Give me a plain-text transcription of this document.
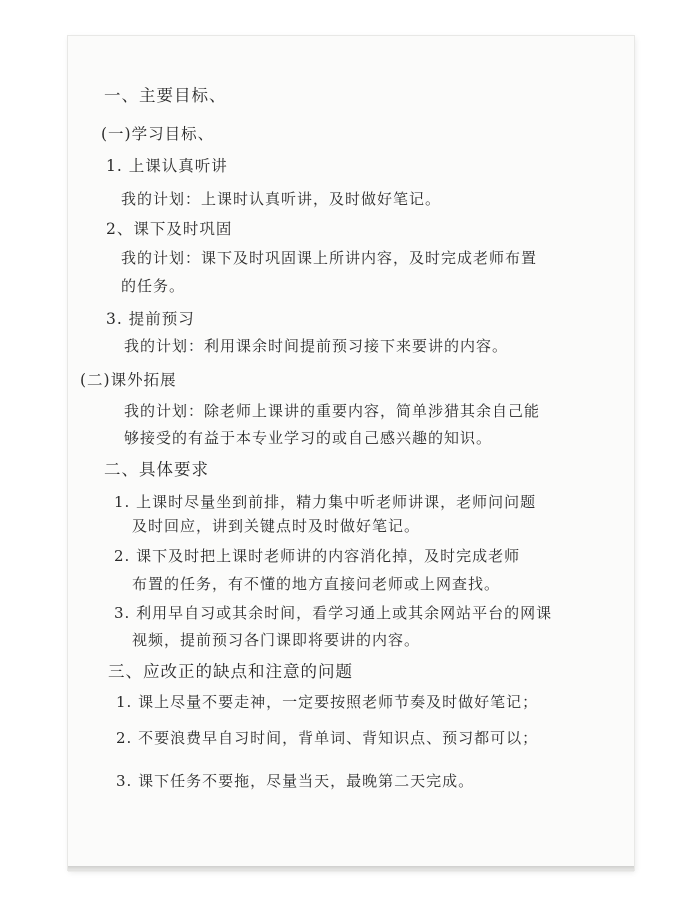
一、主要目标、
(一)学习目标、
1. 上课认真听讲
我的计划：上课时认真听讲，及时做好笔记。
2、课下及时巩固
我的计划：课下及时巩固课上所讲内容，及时完成老师布置
的任务。
3. 提前预习
我的计划：利用课余时间提前预习接下来要讲的内容。
(二)课外拓展
我的计划：除老师上课讲的重要内容，简单涉猎其余自己能
够接受的有益于本专业学习的或自己感兴趣的知识。
二、具体要求
1. 上课时尽量坐到前排，精力集中听老师讲课，老师问问题
及时回应，讲到关键点时及时做好笔记。
2. 课下及时把上课时老师讲的内容消化掉，及时完成老师
布置的任务，有不懂的地方直接问老师或上网查找。
3. 利用早自习或其余时间，看学习通上或其余网站平台的网课
视频，提前预习各门课即将要讲的内容。
三、应改正的缺点和注意的问题
1. 课上尽量不要走神，一定要按照老师节奏及时做好笔记；
2. 不要浪费早自习时间，背单词、背知识点、预习都可以；
3. 课下任务不要拖，尽量当天，最晚第二天完成。
